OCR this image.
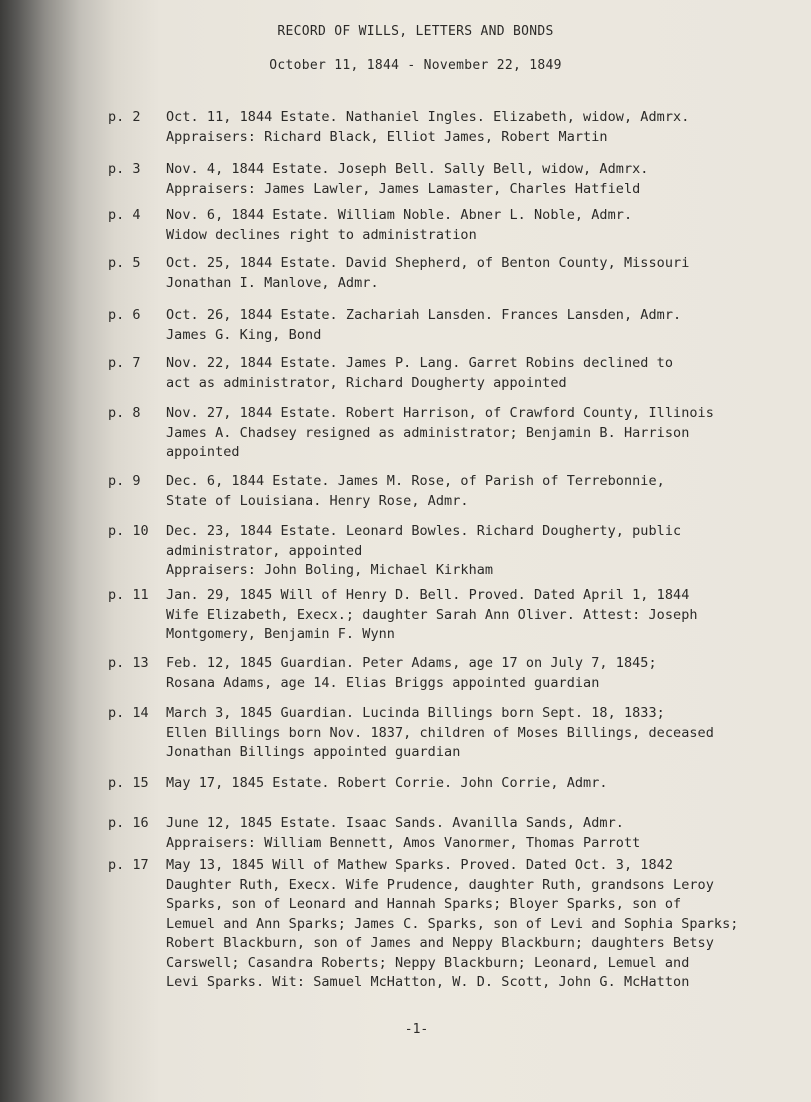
RECORD OF WILLS, LETTERS AND BONDS
October 11, 1844 - November 22, 1849
p. 2	Oct. 11, 1844 Estate. Nathaniel Ingles. Elizabeth, widow, Admrx.
Appraisers: Richard Black, Elliot James, Robert Martin
p. 3	Nov. 4, 1844 Estate. Joseph Bell. Sally Bell, widow, Admrx.
Appraisers: James Lawler, James Lamaster, Charles Hatfield
p. 4	Nov. 6, 1844 Estate. William Noble. Abner L. Noble, Admr.
Widow declines right to administration
p. 5	Oct. 25, 1844 Estate. David Shepherd, of Benton County, Missouri
Jonathan I. Manlove, Admr.
p. 6	Oct. 26, 1844 Estate. Zachariah Lansden. Frances Lansden, Admr.
James G. King, Bond
p. 7	Nov. 22, 1844 Estate. James P. Lang. Garret Robins declined to
act as administrator, Richard Dougherty appointed
p. 8	Nov. 27, 1844 Estate. Robert Harrison, of Crawford County, Illinois
James A. Chadsey resigned as administrator; Benjamin B. Harrison
appointed
p. 9	Dec. 6, 1844 Estate. James M. Rose, of Parish of Terrebonnie,
State of Louisiana. Henry Rose, Admr.
p. 10	Dec. 23, 1844 Estate. Leonard Bowles. Richard Dougherty, public
administrator, appointed
Appraisers: John Boling, Michael Kirkham
p. 11	Jan. 29, 1845 Will of Henry D. Bell. Proved. Dated April 1, 1844
Wife Elizabeth, Execx.; daughter Sarah Ann Oliver. Attest: Joseph
Montgomery, Benjamin F. Wynn
p. 13	Feb. 12, 1845 Guardian. Peter Adams, age 17 on July 7, 1845;
Rosana Adams, age 14. Elias Briggs appointed guardian
p. 14	March 3, 1845 Guardian. Lucinda Billings born Sept. 18, 1833;
Ellen Billings born Nov. 1837, children of Moses Billings, deceased
Jonathan Billings appointed guardian
p. 15	May 17, 1845 Estate. Robert Corrie. John Corrie, Admr.
p. 16	June 12, 1845 Estate. Isaac Sands. Avanilla Sands, Admr.
Appraisers: William Bennett, Amos Vanormer, Thomas Parrott
p. 17	May 13, 1845 Will of Mathew Sparks. Proved. Dated Oct. 3, 1842
Daughter Ruth, Execx. Wife Prudence, daughter Ruth, grandsons Leroy
Sparks, son of Leonard and Hannah Sparks; Bloyer Sparks, son of
Lemuel and Ann Sparks; James C. Sparks, son of Levi and Sophia Sparks;
Robert Blackburn, son of James and Neppy Blackburn; daughters Betsy
Carswell; Casandra Roberts; Neppy Blackburn; Leonard, Lemuel and
Levi Sparks. Wit: Samuel McHatton, W. D. Scott, John G. McHatton
-1-
